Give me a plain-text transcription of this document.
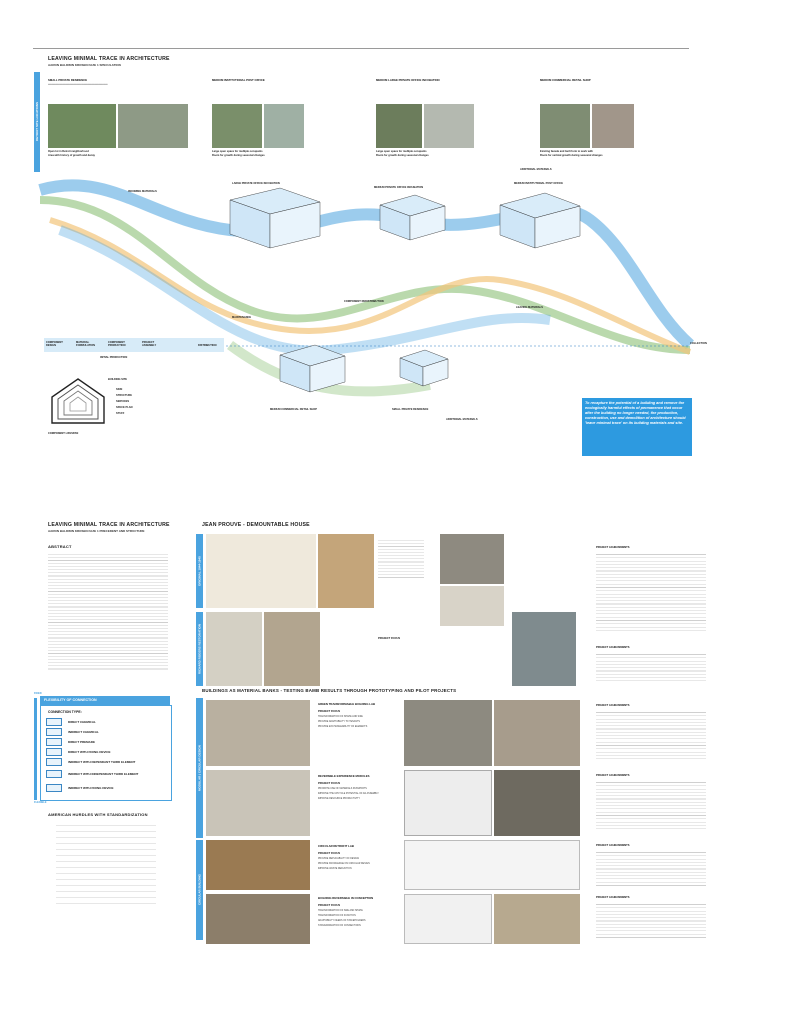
LEAVING MINIMAL TRACE IN ARCHITECTURE
AARON BALDWIN KROSEN FAZE 1 SPECULATION
DETROIT SITE LOCATIONS
SMALL PRIVATE RESIDENCE
━━━━━━━━━━━━━━━━━━━━━━━━━━━━━━━━━━━━━━━━━━━
Open lot in Detroit neighborhood
Area with history of growth and decay
MEDIUM INSTITUTIONAL POST OFFICE
Large open space for multiple occupants
Room for growth during seasonal changes
MEDIUM LARGE PRIVATE OFFICE INCUBATION
Large open space for multiple occupants
Room for growth during seasonal changes
MEDIUM COMMERCIAL RETAIL SHOP
Existing facade and built form to work with
Room for vertical growth during seasonal changes
LARGE PRIVATE OFFICE INCUBATION
MEDIUM PRIVATE OFFICE INCUBATION
MEDIUM INSTITUTIONAL POST OFFICE
INCOMING MATERIALS
ADDITIONAL MATERIALS
COMPONENT REDISTRIBUTION
MAINTENANCE
LEAVING MATERIALS
COLLECTION
MEDIUM COMMERCIAL RETAIL SHOP	SMALL PRIVATE RESIDENCE
ADDITIONAL MATERIALS
COMPONENT DESIGN
MATERIAL FORMULATION
COMPONENT PRODUCTION
PROJECT ASSEMBLY	DISTRIBUTION
INITIAL PRODUCTION
BUILDING SITE
SKIN
STRUCTURE
SERVICES
SPACE PLAN
STUFF
COMPONENT LIFESPAN
To recapture the potential of a building and remove the ecologically harmful effects of permanence that occur after the building no longer needed, the production, construction, use and demolition of architecture should 'leave minimal trace' on its building materials and site.
LEAVING MINIMAL TRACE IN ARCHITECTURE
AARON BALDWIN KROSEN FAZE 1 PRECEDENT AND STRUCTURE
ABSTRACT
JEAN PROUVE - DEMOUNTABLE HOUSE
ORIGINAL 1944-1945
RICHARD ROGERS RESTORATION
PROJECT ACHIEVEMENTS
PROJECT ACHIEVEMENTS
PROJECT FOCUS
FIXED
FLEXIBLE
FLEXIBILITY OF CONNECTION
CONNECTION TYPE:
DIRECT CHEMICAL
INDIRECT CHEMICAL
DIRECT PREMADE
DIRECT WITH FIXING DEVICE
INDIRECT WITH DEPENDANT THIRD ELEMENT
INDIRECT WITH INDEPENDANT THIRD ELEMENT
INDIRECT WITH FIXING DEVICE
AMERICAN HURDLES WITH STANDARDIZATION
BUILDINGS AS MATERIAL BANKS - TESTING BAMB RESULTS THROUGH PROTOTYPING AND PILOT PROJECTS
MODULAR | CIRCULAR DESIGN
CIRCULAR BUILDING
GREEN TRANSFORMABLE BUILDING LAB
PROJECT FOCUS
TRANSFORMATION OF SHAPE AND SIZE
PROVIDE ADAPTABILITY TO TENANTS
PROVIDE EXCHANGEABILITY OF ELEMENTS
PROJECT ACHIEVEMENTS
REVERSIBLE EXPERIENCE MODULES
PROJECT FOCUS
PROMOTE USE OF MATERIALS PASSPORTS
IMPROVE THE UPCYCLE POTENTIAL OF AN ASSEMBLY
IMPROVE RESOURCE PRODUCTIVITY
PROJECT ACHIEVEMENTS
CIRCULAR RETROFIT LAB
PROJECT FOCUS
PROVIDE REPLICABILITY OF DESIGN
PROVIDE KNOWLEDGE ON CIRCULAR DESIGN
IMPROVE WASTE REDUCTION
PROJECT ACHIEVEMENTS
BUILDING REVERSIBLE IN CONCEPTION
PROJECT FOCUS
TRANSFORMATION OF SIZE AND SHAPE
TRANSFORMATION OF FUNCTION
ADAPTABILITY NEEDS OF STAKEHOLDERS
STANDARDIZATION OF CONNECTIONS
PROJECT ACHIEVEMENTS
